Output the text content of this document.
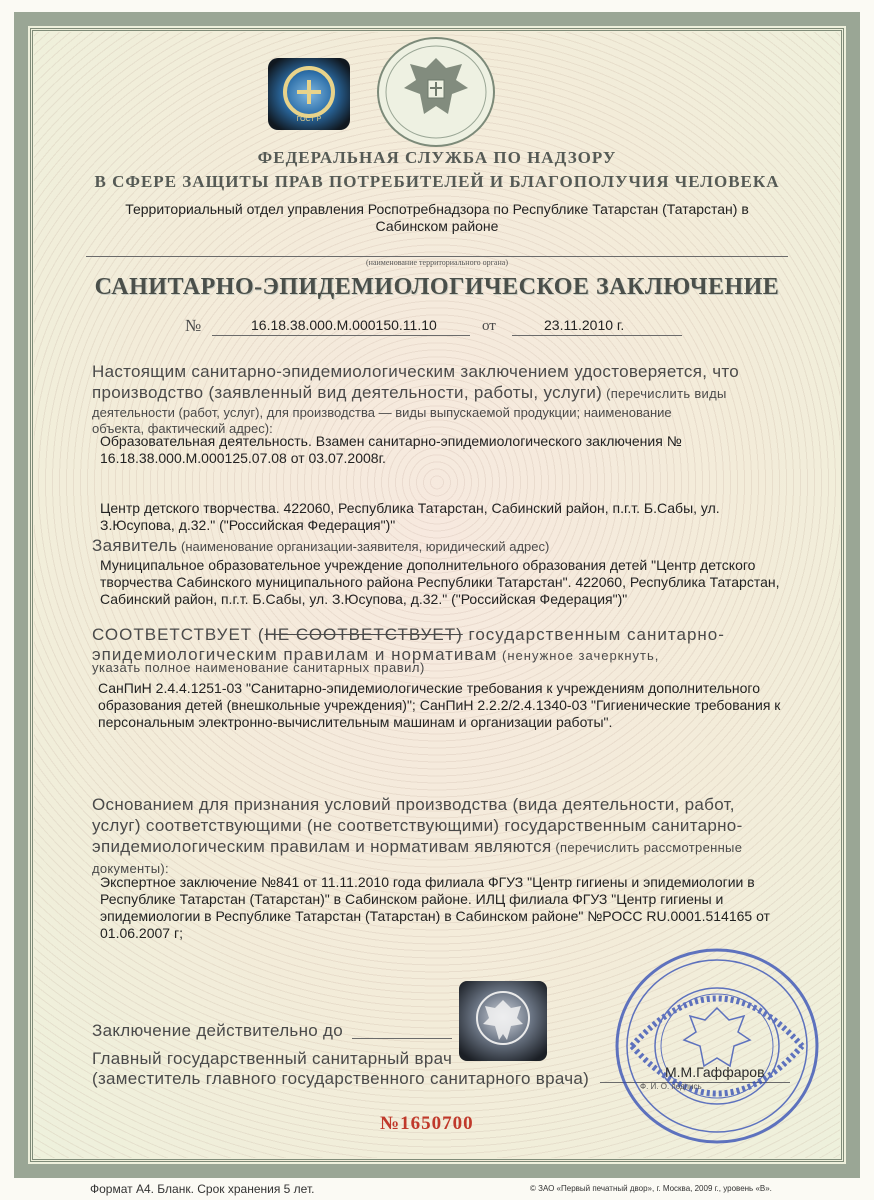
ГОСТ Р
ФЕДЕРАЛЬНАЯ СЛУЖБА ПО НАДЗОРУ
В СФЕРЕ ЗАЩИТЫ ПРАВ ПОТРЕБИТЕЛЕЙ И БЛАГОПОЛУЧИЯ ЧЕЛОВЕКА
Территориальный отдел управления Роспотребнадзора по Республике Татарстан (Татарстан) в
Сабинском районе
(наименование территориального органа)
САНИТАРНО-ЭПИДЕМИОЛОГИЧЕСКОЕ ЗАКЛЮЧЕНИЕ
№	16.18.38.000.М.000150.11.10	от	23.11.2010 г.
Настоящим санитарно-эпидемиологическим заключением удостоверяется, что
производство (заявленный вид деятельности, работы, услуги) (перечислить виды
деятельности (работ, услуг), для производства — виды выпускаемой продукции; наименование
объекта, фактический адрес):
Образовательная деятельность. Взамен санитарно-эпидемиологического заключения №
16.18.38.000.М.000125.07.08 от 03.07.2008г.
Центр детского творчества. 422060, Республика Татарстан, Сабинский район, п.г.т. Б.Сабы, ул.
З.Юсупова, д.32." ("Российская Федерация")"
Заявитель (наименование организации-заявителя, юридический адрес)
Муниципальное образовательное учреждение дополнительного образования детей "Центр детского
творчества Сабинского муниципального района Республики Татарстан". 422060, Республика Татарстан,
Сабинский район, п.г.т. Б.Сабы, ул. З.Юсупова, д.32." ("Российская Федерация")"
СООТВЕТСТВУЕТ (НЕ СООТВЕТСТВУЕТ) государственным санитарно-
эпидемиологическим правилам и нормативам (ненужное зачеркнуть,
указать полное наименование санитарных правил)
СанПиН 2.4.4.1251-03 "Санитарно-эпидемиологические требования к учреждениям дополнительного
образования детей (внешкольные учреждения)"; СанПиН 2.2.2/2.4.1340-03 "Гигиенические требования к
персональным электронно-вычислительным машинам и организации работы".
Основанием для признания условий производства (вида деятельности, работ,
услуг) соответствующими (не соответствующими) государственным санитарно-
эпидемиологическим правилам и нормативам являются (перечислить рассмотренные
документы):
Экспертное заключение №841 от 11.11.2010 года филиала ФГУЗ "Центр гигиены и эпидемиологии в
Республике Татарстан (Татарстан)" в Сабинском районе. ИЛЦ филиала ФГУЗ "Центр гигиены и
эпидемиологии в Республике Татарстан (Татарстан) в Сабинском районе" №РОСС RU.0001.514165 от
01.06.2007 г;
Заключение действительно до
Главный государственный санитарный врач
(заместитель главного государственного санитарного врача)	М.М.Гаффаров
Ф. И. О. подпись
№1650700
Формат А4. Бланк. Срок хранения 5 лет.	© ЗАО «Первый печатный двор», г. Москва, 2009 г., уровень «В».
